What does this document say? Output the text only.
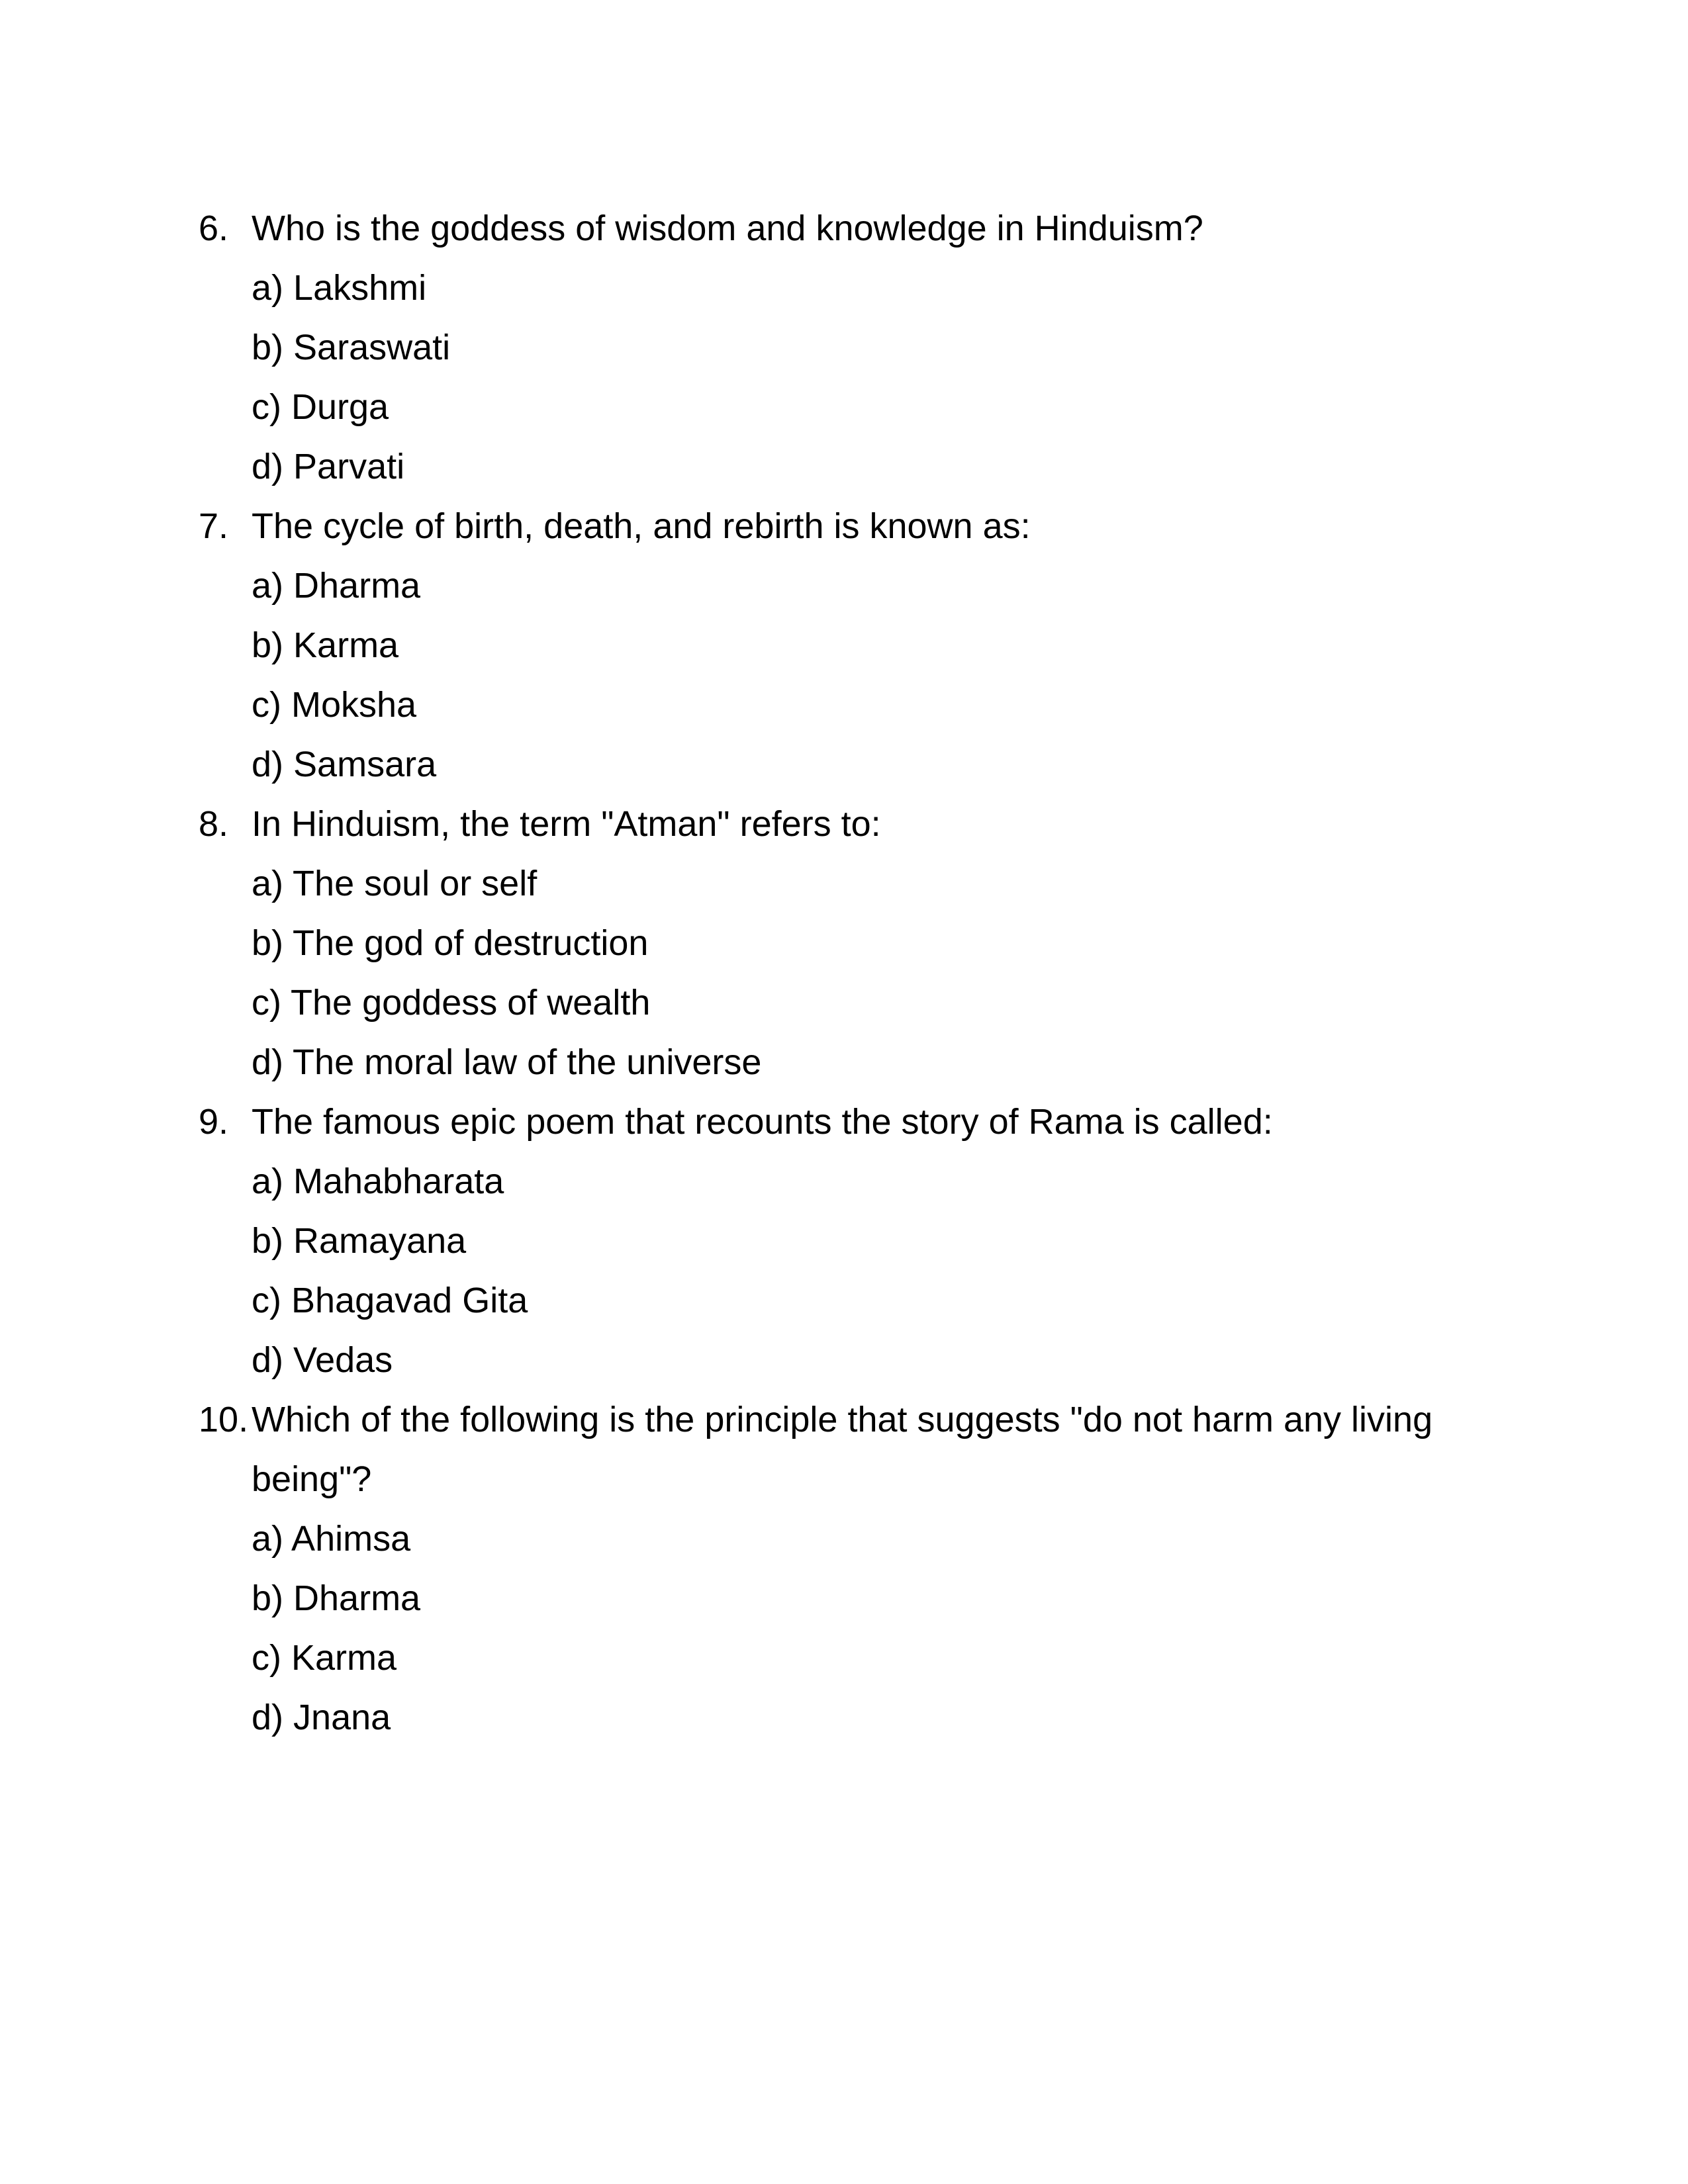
6. Who is the goddess of wisdom and knowledge in Hinduism?
a) Lakshmi
b) Saraswati
c) Durga
d) Parvati
7. The cycle of birth, death, and rebirth is known as:
a) Dharma
b) Karma
c) Moksha
d) Samsara
8. In Hinduism, the term "Atman" refers to:
a) The soul or self
b) The god of destruction
c) The goddess of wealth
d) The moral law of the universe
9. The famous epic poem that recounts the story of Rama is called:
a) Mahabharata
b) Ramayana
c) Bhagavad Gita
d) Vedas
10. Which of the following is the principle that suggests "do not harm any living
being"?
a) Ahimsa
b) Dharma
c) Karma
d) Jnana
